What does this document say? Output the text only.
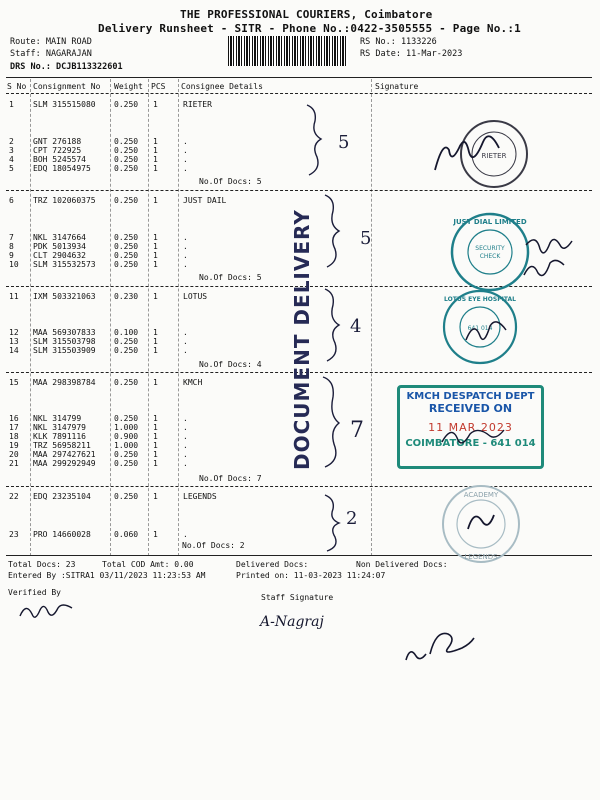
THE PROFESSIONAL COURIERS, Coimbatore
Delivery Runsheet - SITR - Phone No.:0422-3505555 - Page No.:1
Route: MAIN ROAD
Staff: NAGARAJAN
DRS No.: DCJB113322601
RS No.: 1133226
RS Date: 11-Mar-2023
S No Consignment No Weight PCS Consignee Details	Signature
1 SLM 315515080 0.250 1	RIETER
2 GNT 276188	0.250 1	.
3 CPT 722925	0.250 1	.
4 BOH 5245574	0.250 1	.
5 EDQ 18054975	0.250 1	.
No.Of Docs: 5
6 TRZ 102060375 0.250 1	JUST DAIL
7 NKL 3147664	0.250 1	.
8 PDK 5013934	0.250 1	.
9 CLT 2904632	0.250 1	.
10 SLM 315532573 0.250 1	.
No.Of Docs: 5
11 IXM 503321063 0.230 1	LOTUS
12 MAA 569307833 0.100 1	.
13 SLM 315503798 0.250 1	.
14 SLM 315503909 0.250 1	.
No.Of Docs: 4
15 MAA 298398784 0.250 1	KMCH
16 NKL 314799	0.250 1	.
17 NKL 3147979	1.000 1	.
18 KLK 7891116	0.900 1	.
19 TRZ 56958211	1.000 1	.
20 MAA 297427621 0.250 1	.
21 MAA 299292949 0.250 1	.
No.Of Docs: 7
22 EDQ 23235104	0.250 1	LEGENDS
23 PRO 14660028	0.060 1	.
No.Of Docs: 2
5
5
4
7
2
RIETER
SECURITY
CHECK
JUST DIAL LIMITED
641 014
LOTUS EYE HOSPITAL
DOCUMENT DELIVERY	KMCH DESPATCH DEPT
RECEIVED ON
11 MAR 2023
COIMBATORE - 641 014
ACADEMY
LEGENDS
Total Docs: 23	Total COD Amt: 0.00	Delivered Docs:	Non Delivered Docs:
Entered By :SITRA1 03/11/2023 11:23:53 AM	Printed on: 11-03-2023 11:24:07
Verified By
Staff Signature
A-Nagraj
